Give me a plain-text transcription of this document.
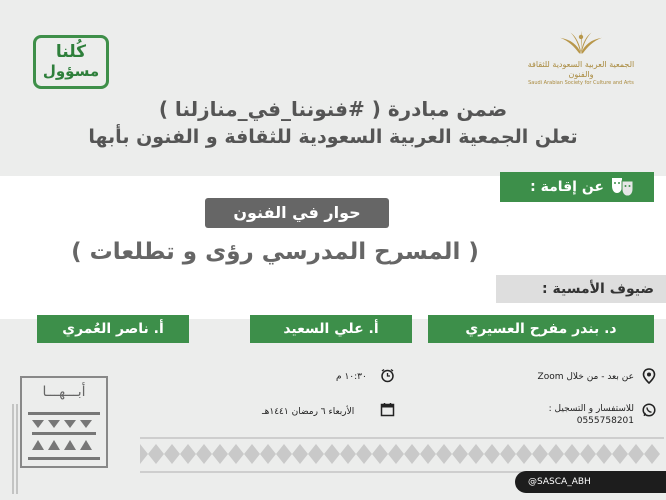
الجمعية العربية السعودية للثقافة والفنون
Saudi Arabian Society for Culture and Arts
كُلنا
مسؤول
ضمن مبادرة ( #فنوننا_في_منازلنا )
تعلن الجمعية العربية السعودية للثقافة و الفنون بأبها
عن إقامة :
حوار في الفنون
( المسرح المدرسي رؤى و تطلعات )
ضيوف الأمسية :
د. بندر مفرح العسيري
أ. علي السعيد
أ. ناصر العُمري
عن بعد - من خلال Zoom
١٠:٣٠ م
للاستفسار و التسجيل :
0555758201
الأربعاء ٦ رمضان ١٤٤١هـ
أبـــهـــا
@SASCA_ABH
